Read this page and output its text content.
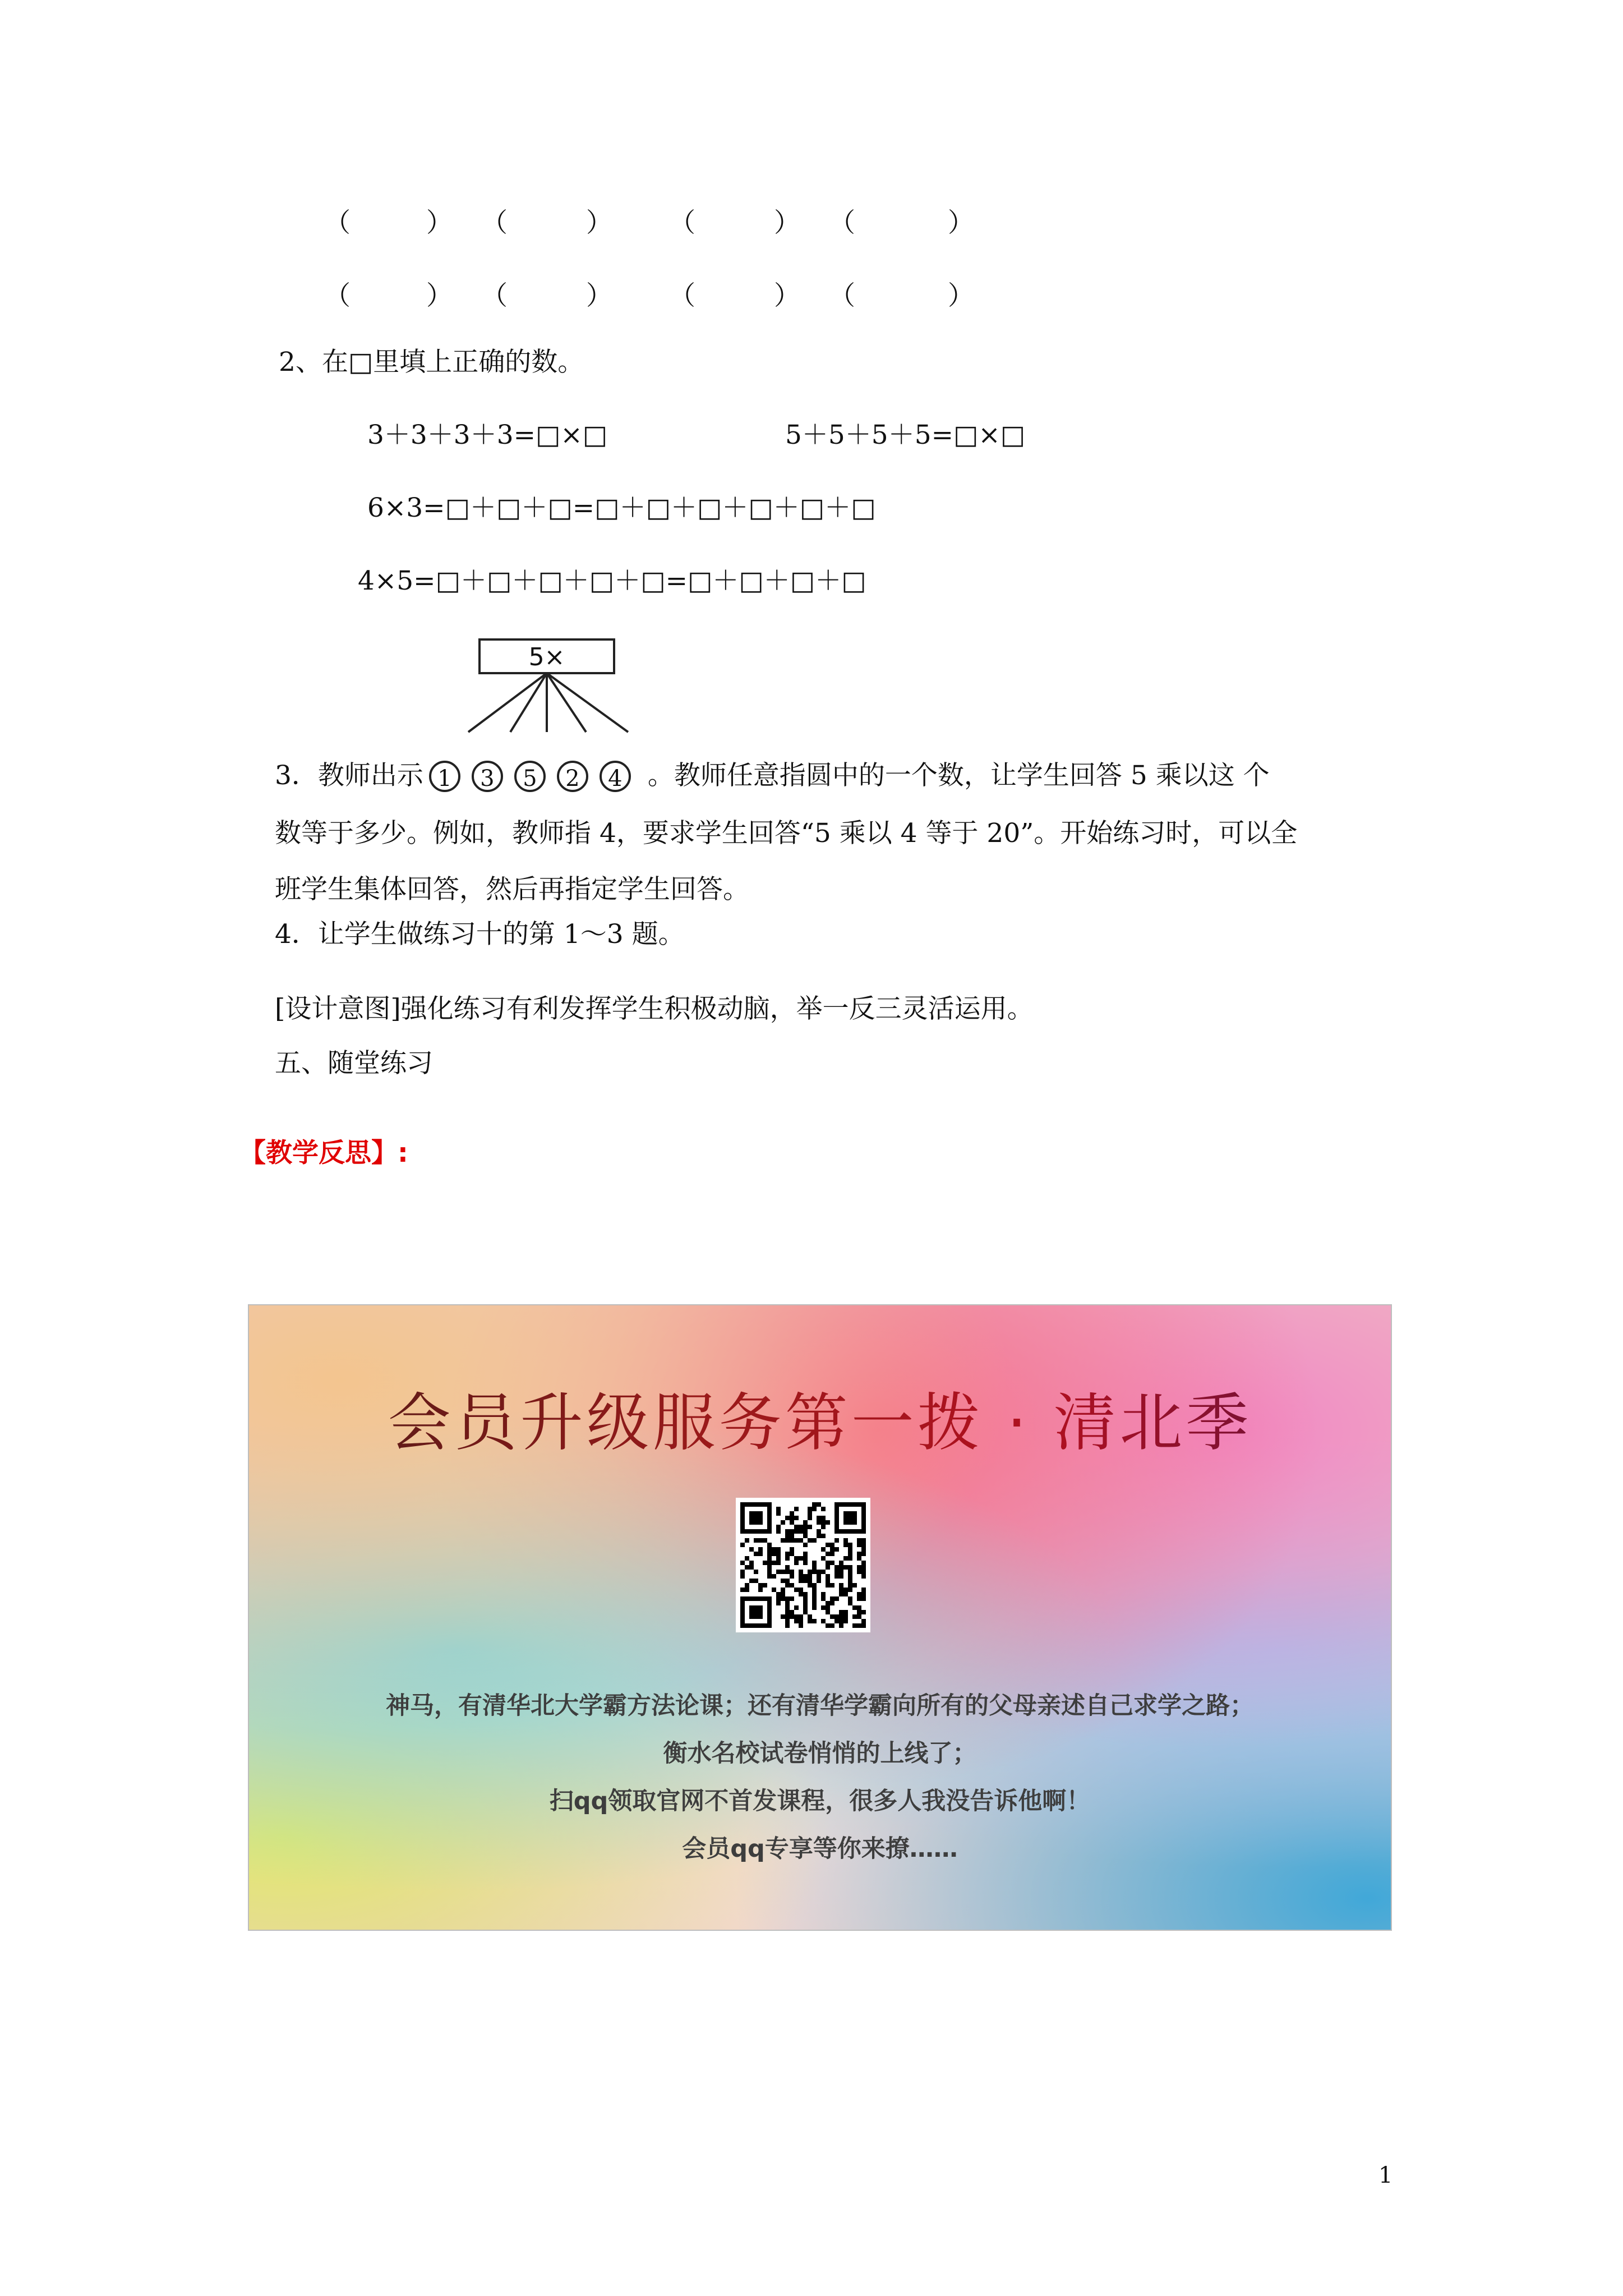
（	） （	） （	） （	）
（	） （	） （	） （	）
2、在□里填上正确的数。
3＋3＋3＋3=□×□	5＋5＋5＋5=□×□
6×3=□＋□＋□=□＋□＋□＋□＋□＋□
4×5=□＋□＋□＋□＋□=□＋□＋□＋□
5×
3．教师出示 1 3 5 2 4 。教师任意指圆中的一个数，让学生回答 5 乘以这 个
数等于多少。例如，教师指 4，要求学生回答“5 乘以 4 等于 20”。开始练习时，可以全
班学生集体回答，然后再指定学生回答。
4．让学生做练习十的第 1～3 题。
[设计意图]强化练习有利发挥学生积极动脑，举一反三灵活运用。
五、随堂练习
【教学反思】:
会员升级服务第一拨 · 清北季
神马，有清华北大学霸方法论课；还有清华学霸向所有的父母亲述自己求学之路；
衡水名校试卷悄悄的上线了；
扫qq领取官网不首发课程，很多人我没告诉他啊！
会员qq专享等你来撩……
1
